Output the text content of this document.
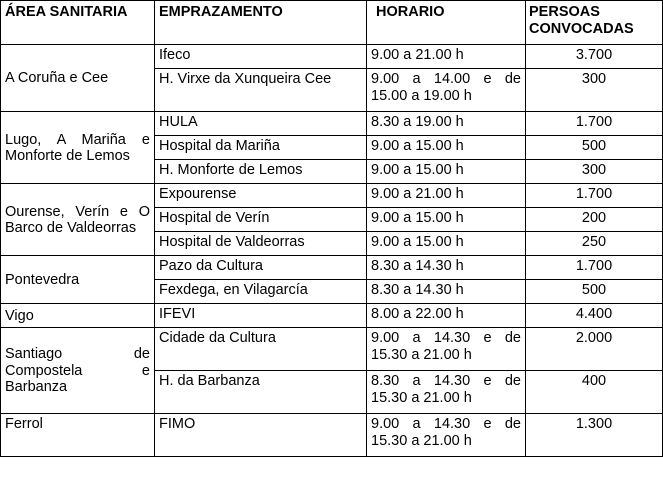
ÁREA SANITARIA	EMPRAZAMENTO	HORARIO	PERSOAS CONVOCADAS
A Coruña e Cee	Ifeco	9.00 a 21.00 h	3.700
	H. Virxe da Xunqueira Cee	9.00 a 14.00 e de 15.00 a 19.00 h	300
Lugo, A Mariña e Monforte de Lemos	HULA	8.30 a 19.00 h	1.700
	Hospital da Mariña	9.00 a 15.00 h	500
	H. Monforte de Lemos	9.00 a 15.00 h	300
Ourense, Verín e O Barco de Valdeorras	Expourense	9.00 a 21.00 h	1.700
	Hospital de Verín	9.00 a 15.00 h	200
	Hospital de Valdeorras	9.00 a 15.00 h	250
Pontevedra	Pazo da Cultura	8.30 a 14.30 h	1.700
	Fexdega, en Vilagarcía	8.30 a 14.30 h	500
Vigo	IFEVI	8.00 a 22.00 h	4.400
Santiago de Compostela e Barbanza	Cidade da Cultura	9.00 a 14.30 e de 15.30 a 21.00 h	2.000
	H. da Barbanza	8.30 a 14.30 e de 15.30 a 21.00 h	400
Ferrol	FIMO	9.00 a 14.30 e de 15.30 a 21.00 h	1.300
